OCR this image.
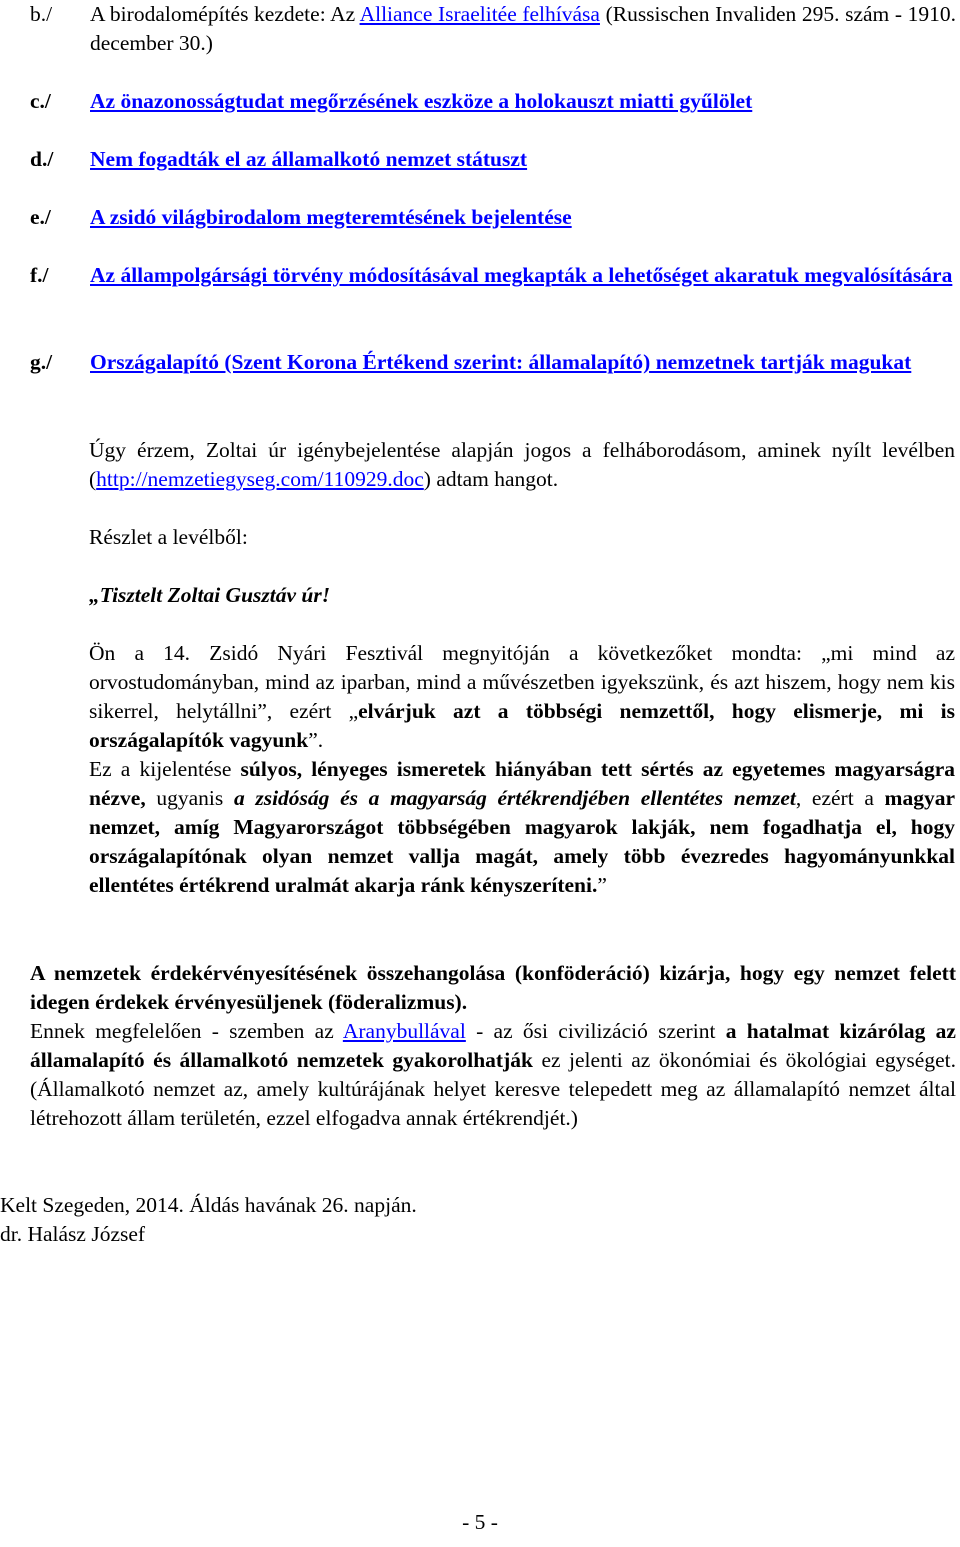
b./ A birodalomépítés kezdete: Az Alliance Israelitée felhívása (Russischen Invaliden 295. szám - 1910. december 30.)
c./ Az önazonosságtudat megőrzésének eszköze a holokauszt miatti gyűlölet
d./ Nem fogadták el az államalkotó nemzet státuszt
e./ A zsidó világbirodalom megteremtésének bejelentése
f./ Az állampolgársági törvény módosításával megkapták a lehetőséget akaratuk megvalósítására
g./ Országalapító (Szent Korona Értékend szerint: államalapító) nemzetnek tartják magukat
Úgy érzem, Zoltai úr igénybejelentése alapján jogos a felháborodásom, aminek nyílt levélben (http://nemzetiegyseg.com/110929.doc) adtam hangot.
Részlet a levélből:
„Tisztelt Zoltai Gusztáv úr!
Ön a 14. Zsidó Nyári Fesztivál megnyitóján a következőket mondta: „mi mind az orvostudományban, mind az iparban, mind a művészetben igyekszünk, és azt hiszem, hogy nem kis sikerrel, helytállni”, ezért „elvárjuk azt a többségi nemzettől, hogy elismerje, mi is országalapítók vagyunk”.
Ez a kijelentése súlyos, lényeges ismeretek hiányában tett sértés az egyetemes magyarságra nézve, ugyanis a zsidóság és a magyarság értékrendjében ellentétes nemzet, ezért a magyar nemzet, amíg Magyarországot többségében magyarok lakják, nem fogadhatja el, hogy országalapítónak olyan nemzet vallja magát, amely több évezredes hagyományunkkal ellentétes értékrend uralmát akarja ránk kényszeríteni.”
A nemzetek érdekérvényesítésének összehangolása (konföderáció) kizárja, hogy egy nemzet felett idegen érdekek érvényesüljenek (föderalizmus).
Ennek megfelelően - szemben az Aranybullával - az ősi civilizáció szerint a hatalmat kizárólag az államalapító és államalkotó nemzetek gyakorolhatják ez jelenti az ökonómiai és ökológiai egységet. (Államalkotó nemzet az, amely kultúrájának helyet keresve telepedett meg az államalapító nemzet által létrehozott állam területén, ezzel elfogadva annak értékrendjét.)
Kelt Szegeden, 2014. Áldás havának 26. napján.
dr. Halász József
- 5 -
